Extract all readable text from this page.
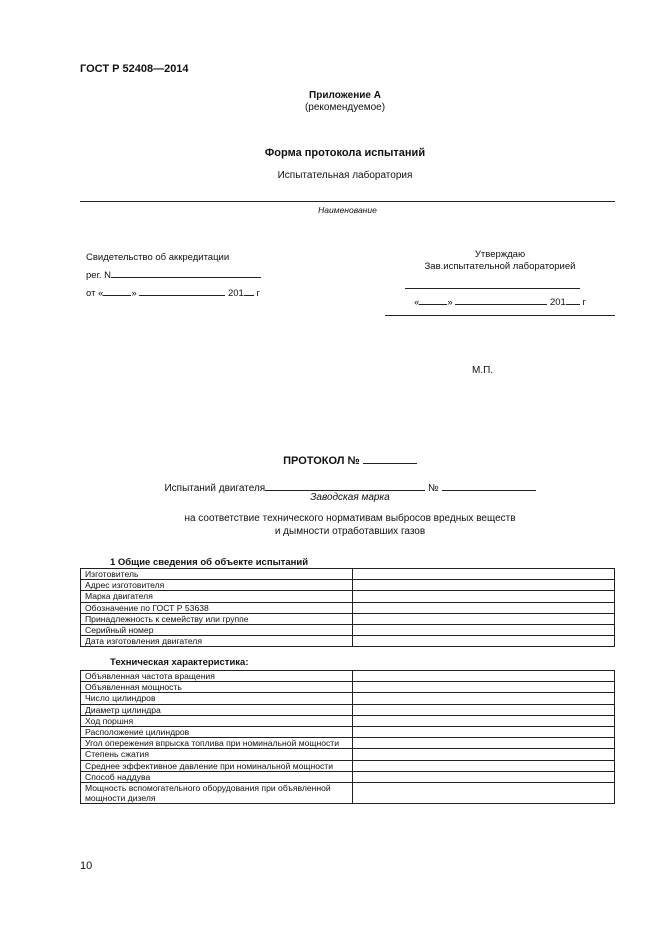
ГОСТ Р 52408—2014
Приложение А
(рекомендуемое)
Форма протокола испытаний
Испытательная лаборатория
Наименование
Свидетельство об аккредитации
рег. N
от «	»	201 г
Утверждаю
Зав.испытательной лабораторией
«	»	201 г
М.П.
ПРОТОКОЛ №
Испытаний двигателя	№
Заводская марка
на соответствие технического нормативам выбросов вредных веществ
и дымности отработавших газов
1 Общие сведения об объекте испытаний
Изготовитель	
Адрес изготовителя	
Марка двигателя	
Обозначение по ГОСТ Р 53638	
Принадлежность к семейству или группе	
Серийный номер	
Дата изготовления двигателя	
Техническая характеристика:
Объявленная частота вращения	
Объявленная мощность	
Число цилиндров	
Диаметр цилиндра	
Ход поршня	
Расположение цилиндров	
Угол опережения впрыска топлива при номинальной мощности	
Степень сжатия	
Среднее эффективное давление при номинальной мощности	
Способ наддува	
Мощность вспомогательного оборудования при объявленной мощности дизеля	
10
